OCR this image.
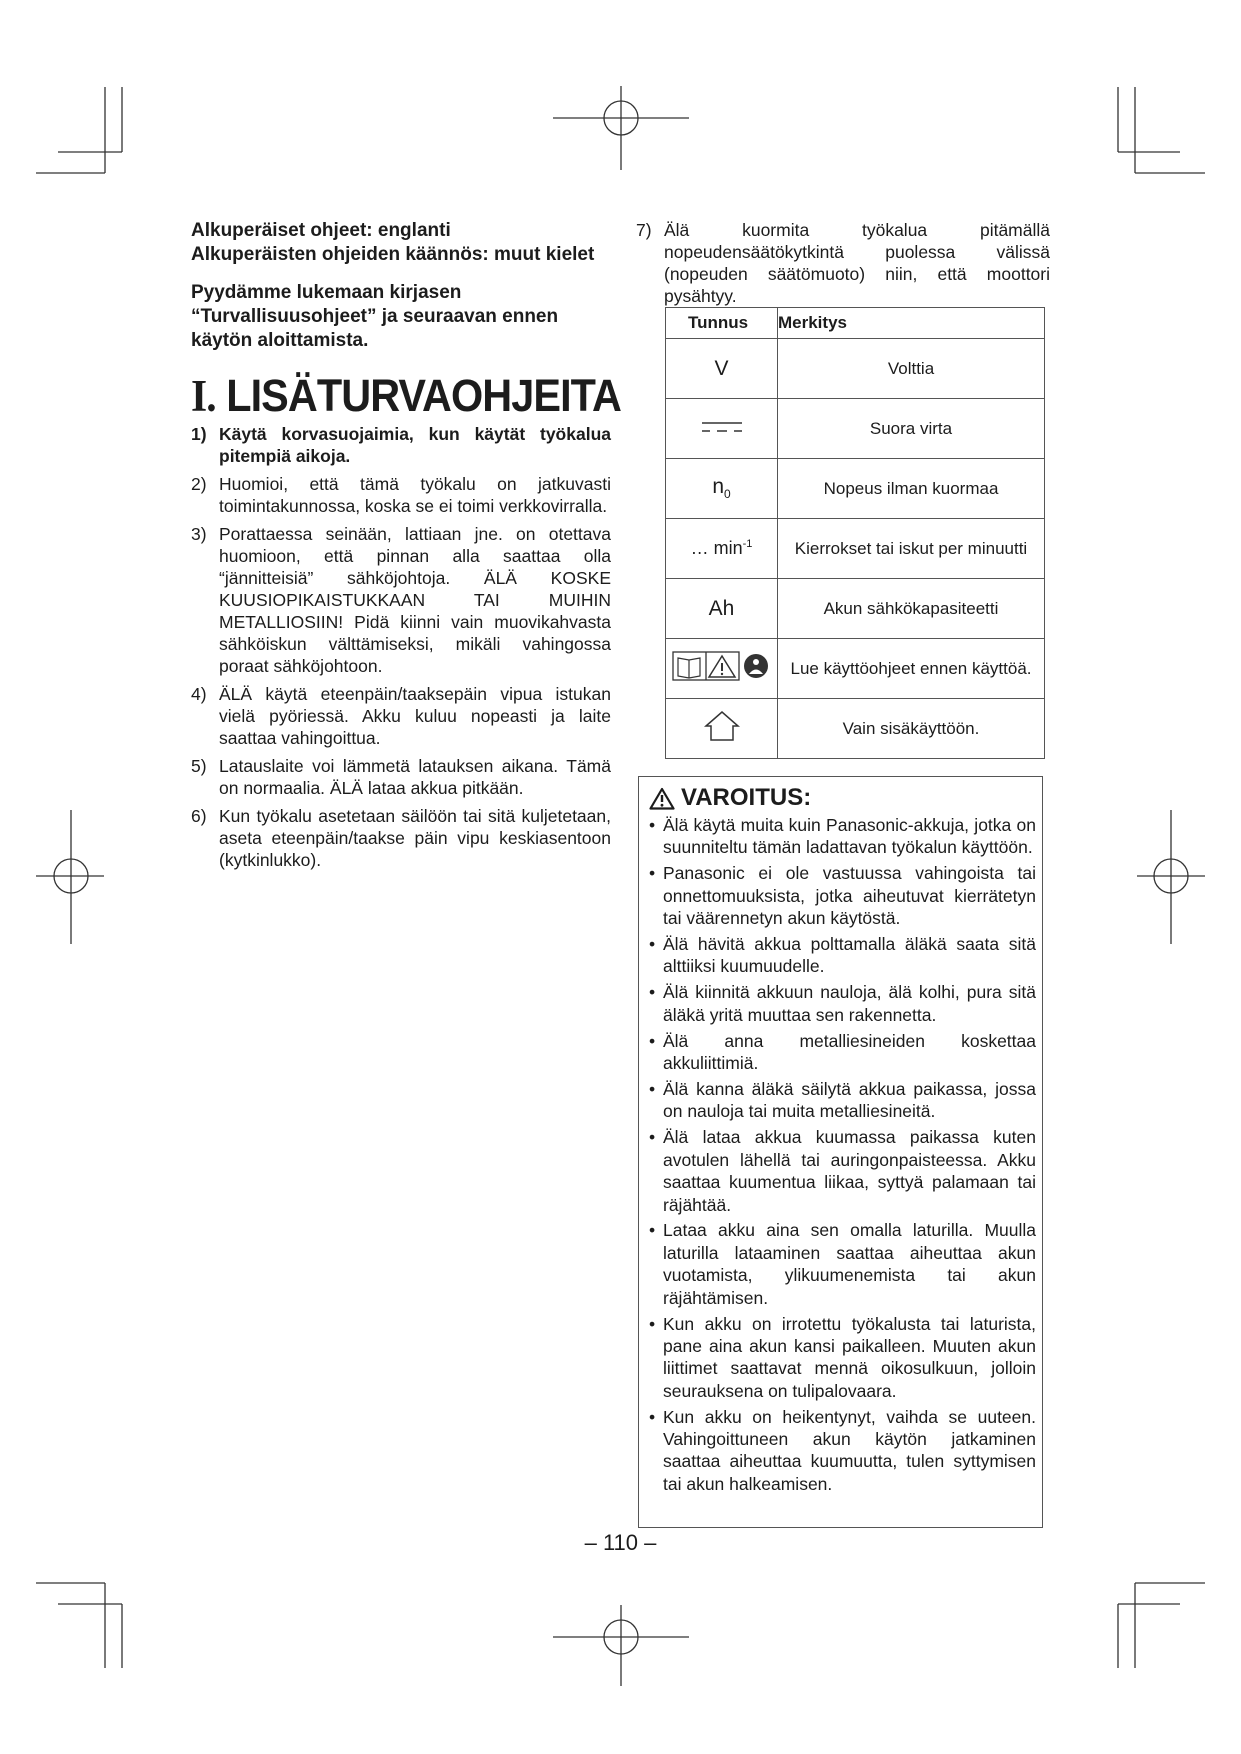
Alkuperäiset ohjeet: englanti

Alkuperäisten ohjeiden käännös: muut kielet

Pyydämme lukemaan kirjasen “Turvallisuusohjeet” ja seuraavan ennen käytön aloittamista.

I. LISÄTURVAOHJEITA
1) Käytä korvasuojaimia, kun käytät työkalua pitempiä aikoja.
2) Huomioi, että tämä työkalu on jatkuvasti toimintakunnossa, koska se ei toimi verkkovirralla.
3) Porattaessa seinään, lattiaan jne. on otettava huomioon, että pinnan alla saattaa olla “jännitteisiä” sähköjohtoja. ÄLÄ KOSKE KUUSIOPIKAISTUKKAAN TAI MUIHIN METALLIOSIIN! Pidä kiinni vain muovikahvasta sähköiskun välttämiseksi, mikäli vahingossa poraat sähköjohtoon.
4) ÄLÄ käytä eteenpäin/taaksepäin vipua istukan vielä pyöriessä. Akku kuluu nopeasti ja laite saattaa vahingoittua.
5) Latauslaite voi lämmetä latauksen aikana. Tämä on normaalia. ÄLÄ lataa akkua pitkään.
6) Kun työkalu asetetaan säilöön tai sitä kuljetetaan, aseta eteenpäin/taakse päin vipu keskiasentoon (kytkinlukko).

7) Älä kuormita työkalua pitämällä nopeudensäätökytkintä puolessa välissä (nopeuden säätömuoto) niin, että moottori pysähtyy.

Tunnus	Merkitys
V	Volttia
	Suora virta
$n_0$	Nopeus ilman kuormaa
… $\min^{-1}$	Kierrokset tai iskut per minuutti
Ah	Akun sähkökapasiteetti
	Lue käyttöohjeet ennen käyttöä.
	Vain sisäkäyttöön.
VAROITUS:
• Älä käytä muita kuin Panasonic-akkuja, jotka on suunniteltu tämän ladattavan työkalun käyttöön.
• Panasonic ei ole vastuussa vahingoista tai onnettomuuksista, jotka aiheutuvat kierrätetyn tai väärennetyn akun käytöstä.
• Älä hävitä akkua polttamalla äläkä saata sitä alttiiksi kuumuudelle.
• Älä kiinnitä akkuun nauloja, älä kolhi, pura sitä äläkä yritä muuttaa sen rakennetta.
• Älä anna metalliesineiden koskettaa akkuliittimiä.
• Älä kanna äläkä säilytä akkua paikassa, jossa on nauloja tai muita metalliesineitä.
• Älä lataa akkua kuumassa paikassa kuten avotulen lähellä tai auringonpaisteessa. Akku saattaa kuumentua liikaa, syttyä palamaan tai räjähtää.
• Lataa akku aina sen omalla laturilla. Muulla laturilla lataaminen saattaa aiheuttaa akun vuotamista, ylikuumenemista tai akun räjähtämisen.
• Kun akku on irrotettu työkalusta tai laturista, pane aina akun kansi paikalleen. Muuten akun liittimet saattavat mennä oikosulkuun, jolloin seurauksena on tulipalovaara.
• Kun akku on heikentynyt, vaihda se uuteen. Vahingoittuneen akun käytön jatkaminen saattaa aiheuttaa kuumuutta, tulen syttymisen tai akun halkeamisen.
– 110 –
